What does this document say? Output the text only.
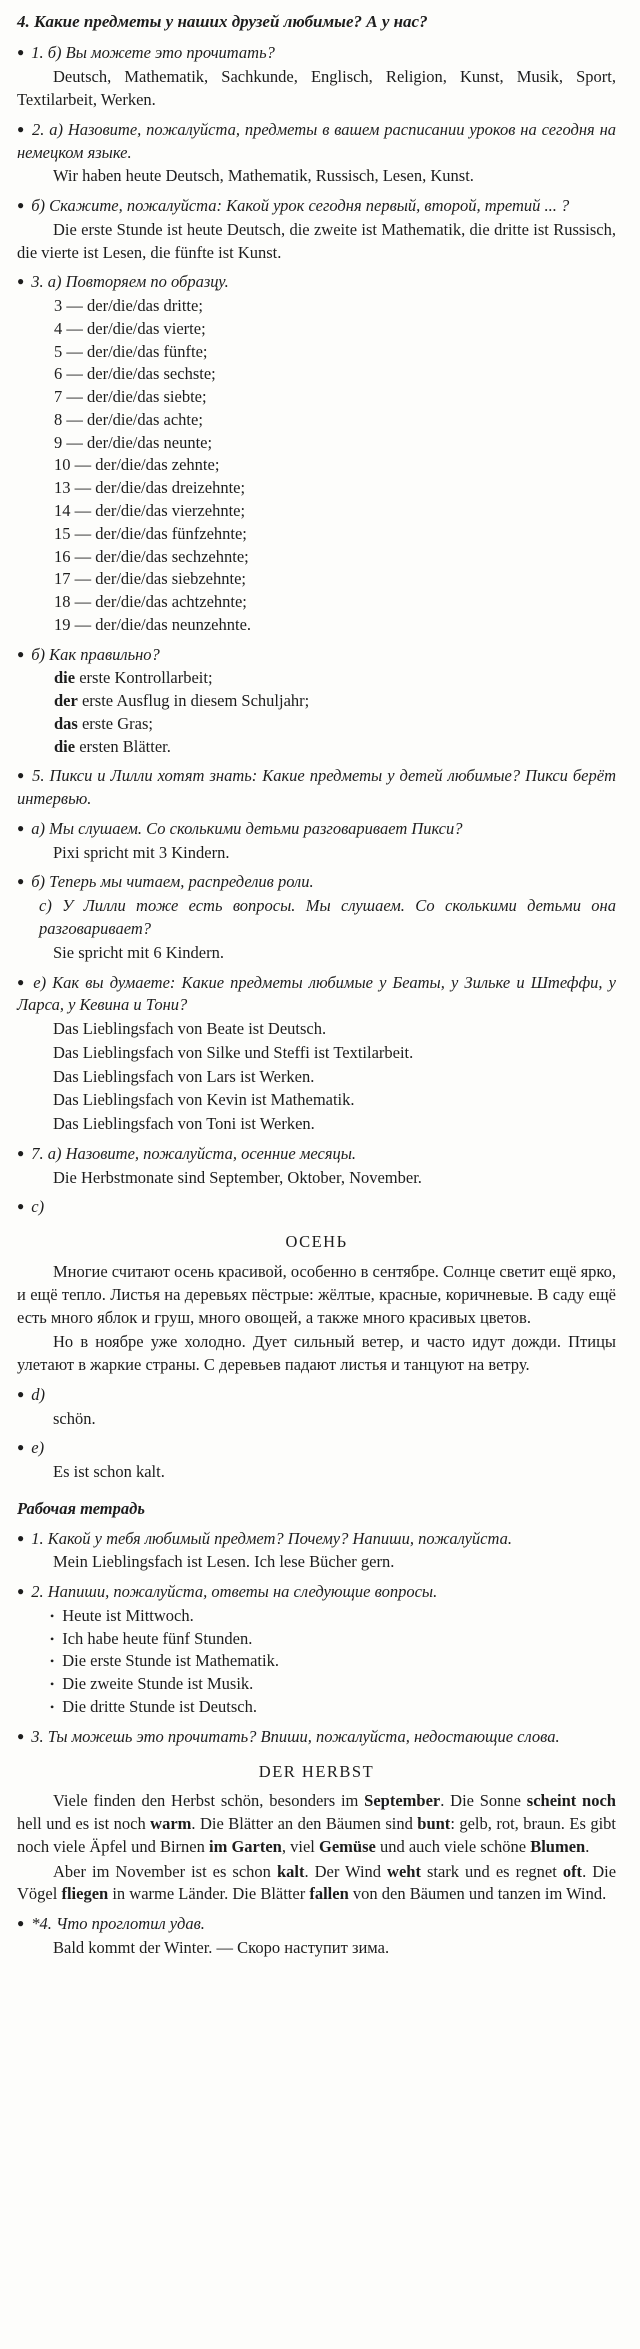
4. Какие предметы у наших друзей любимые? А у нас?

● 1. б) Вы можете это прочитать?

Deutsch, Mathematik, Sachkunde, Englisch, Religion, Kunst, Musik, Sport, Textilarbeit, Werken.

● 2. а) Назовите, пожалуйста, предметы в вашем расписании уроков на сегодня на немецком языке.

Wir haben heute Deutsch, Mathematik, Russisch, Lesen, Kunst.

● б) Скажите, пожалуйста: Какой урок сегодня первый, второй, третий ... ?

Die erste Stunde ist heute Deutsch, die zweite ist Mathematik, die dritte ist Russisch, die vierte ist Lesen, die fünfte ist Kunst.

● 3. а) Повторяем по образцу.

3 — der/die/das dritte;
4 — der/die/das vierte;
5 — der/die/das fünfte;
6 — der/die/das sechste;
7 — der/die/das siebte;
8 — der/die/das achte;
9 — der/die/das neunte;
10 — der/die/das zehnte;
13 — der/die/das dreizehnte;
14 — der/die/das vierzehnte;
15 — der/die/das fünfzehnte;
16 — der/die/das sechzehnte;
17 — der/die/das siebzehnte;
18 — der/die/das achtzehnte;
19 — der/die/das neunzehnte.

● б) Как правильно?

die erste Kontrollarbeit;
der erste Ausflug in diesem Schuljahr;
das erste Gras;
die ersten Blätter.

● 5. Пикси и Лилли хотят знать: Какие предметы у детей любимые? Пикси берёт интервью.

● а) Мы слушаем. Со сколькими детьми разговаривает Пикси?

Pixi spricht mit 3 Kindern.

● б) Теперь мы читаем, распределив роли.

с) У Лилли тоже есть вопросы. Мы слушаем. Со сколькими детьми она разговаривает?

Sie spricht mit 6 Kindern.

● е) Как вы думаете: Какие предметы любимые у Беаты, у Зильке и Штеффи, у Ларса, у Кевина и Тони?

Das Lieblingsfach von Beate ist Deutsch.

Das Lieblingsfach von Silke und Steffi ist Textilarbeit.

Das Lieblingsfach von Lars ist Werken.

Das Lieblingsfach von Kevin ist Mathematik.

Das Lieblingsfach von Toni ist Werken.

● 7. а) Назовите, пожалуйста, осенние месяцы.

Die Herbstmonate sind September, Oktober, November.

● с)

ОСЕНЬ

Многие считают осень красивой, особенно в сентябре. Солнце светит ещё ярко, и ещё тепло. Листья на деревьях пёстрые: жёлтые, красные, коричневые. В саду ещё есть много яблок и груш, много овощей, а также много красивых цветов.

Но в ноябре уже холодно. Дует сильный ветер, и часто идут дожди. Птицы улетают в жаркие страны. С деревьев падают листья и танцуют на ветру.

● d)

schön.

● е)

Es ist schon kalt.

Рабочая тетрадь

● 1. Какой у тебя любимый предмет? Почему? Напиши, пожалуйста.

Mein Lieblingsfach ist Lesen. Ich lese Bücher gern.

● 2. Напиши, пожалуйста, ответы на следующие вопросы.

• Heute ist Mittwoch.
• Ich habe heute fünf Stunden.
• Die erste Stunde ist Mathematik.
• Die zweite Stunde ist Musik.
• Die dritte Stunde ist Deutsch.

● 3. Ты можешь это прочитать? Впиши, пожалуйста, недостающие слова.

DER HERBST

Viele finden den Herbst schön, besonders im September. Die Sonne scheint noch hell und es ist noch warm. Die Blätter an den Bäumen sind bunt: gelb, rot, braun. Es gibt noch viele Äpfel und Birnen im Garten, viel Gemüse und auch viele schöne Blumen.

Aber im November ist es schon kalt. Der Wind weht stark und es regnet oft. Die Vögel fliegen in warme Länder. Die Blätter fallen von den Bäumen und tanzen im Wind.

● *4. Что проглотил удав.

Bald kommt der Winter. — Скоро наступит зима.
